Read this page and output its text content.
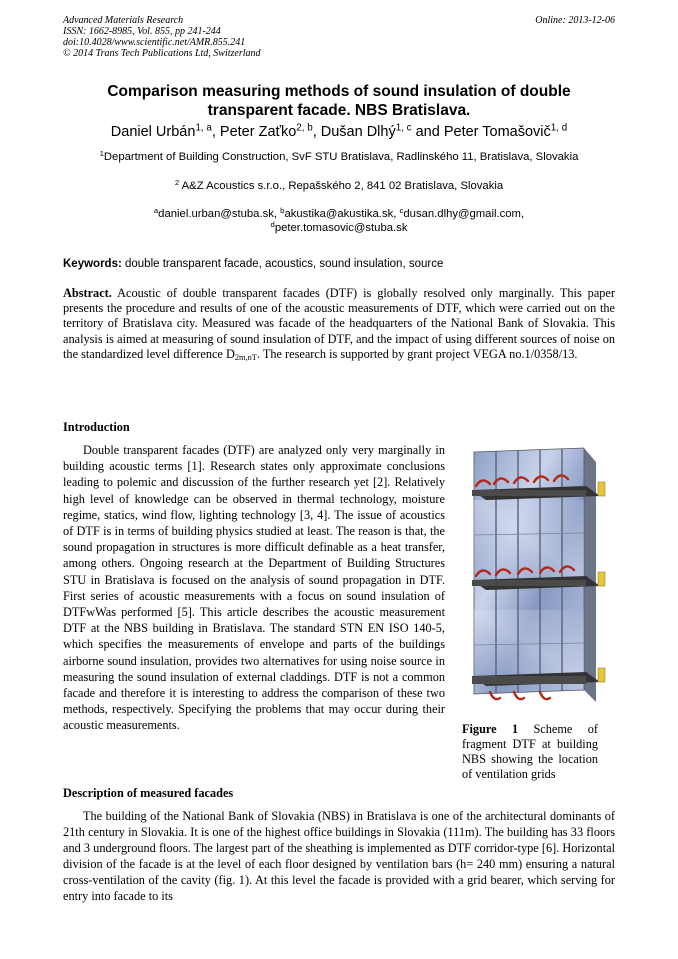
Advanced Materials Research
ISSN: 1662-8985, Vol. 855, pp 241-244
doi:10.4028/www.scientific.net/AMR.855.241
© 2014 Trans Tech Publications Ltd, Switzerland
Online: 2013-12-06
Comparison measuring methods of sound insulation of double
transparent facade. NBS Bratislava.
Daniel Urbán$^{1, a}$, Peter Zaťko$^{2, b}$, Dušan Dlhý$^{1, c}$ and Peter Tomašovič$^{1, d}$
$^1$Department of Building Construction, SvF STU Bratislava, Radlinského 11, Bratislava, Slovakia
$^2$ A&Z Acoustics s.r.o., Repašského 2, 841 02 Bratislava, Slovakia
$^a$daniel.urban@stuba.sk, $^b$akustika@akustika.sk, $^c$dusan.dlhy@gmail.com,
$^d$peter.tomasovic@stuba.sk
Keywords: double transparent facade, acoustics, sound insulation, source
Abstract. Acoustic of double transparent facades (DTF) is globally resolved only marginally. This paper presents the procedure and results of one of the acoustic measurements of DTF, which were carried out on the territory of Bratislava city. Measured was facade of the headquarters of the National Bank of Slovakia. This analysis is aimed at measuring of sound insulation of DTF, and the impact of using different sources of noise on the standardized level difference $D_{2m,nT}$. The research is supported by grant project VEGA no.1/0358/13.
Introduction

Double transparent facades (DTF) are analyzed only very marginally in building acoustic terms [1]. Research states only approximate conclusions leading to polemic and discussion of the further research yet [2]. Relatively high level of knowledge can be observed in thermal technology, moisture regime, statics, wind flow, lighting technology [3, 4]. The issue of acoustics of DTF is in terms of building physics studied at least. The reason is that, the sound propagation in structures is more difficult definable as a heat transfer, among others. Ongoing research at the Department of Building Structures STU in Bratislava is focused on the analysis of sound propagation in DTF. First series of acoustic measurements with a focus on sound insulation of DTFwWas performed [5]. This article describes the acoustic measurement DTF at the NBS building in Bratislava. The standard STN EN ISO 140-5, which specifies the measurements of envelope and parts of the buildings airborne sound insulation, provides two alternatives for using noise source in measuring the sound insulation of external claddings. DTF is not a common facade and therefore it is interesting to address the comparison of these two methods, respectively. Specifying the problems that may occur during their acoustic measurements.	Figure 1 Scheme of fragment DTF at building NBS showing the location of ventilation grids
Description of measured facades

The building of the National Bank of Slovakia (NBS) in Bratislava is one of the architectural dominants of 21th century in Slovakia. It is one of the highest office buildings in Slovakia (111m). The building has 33 floors and 3 underground floors. The largest part of the sheathing is implemented as DTF corridor-type [6]. Horizontal division of the facade is at the level of each floor designed by ventilation bars (h= 240 mm) ensuring a natural cross-ventilation of the cavity (fig. 1). At this level the facade is provided with a grid bearer, which serving for entry into facade to its
